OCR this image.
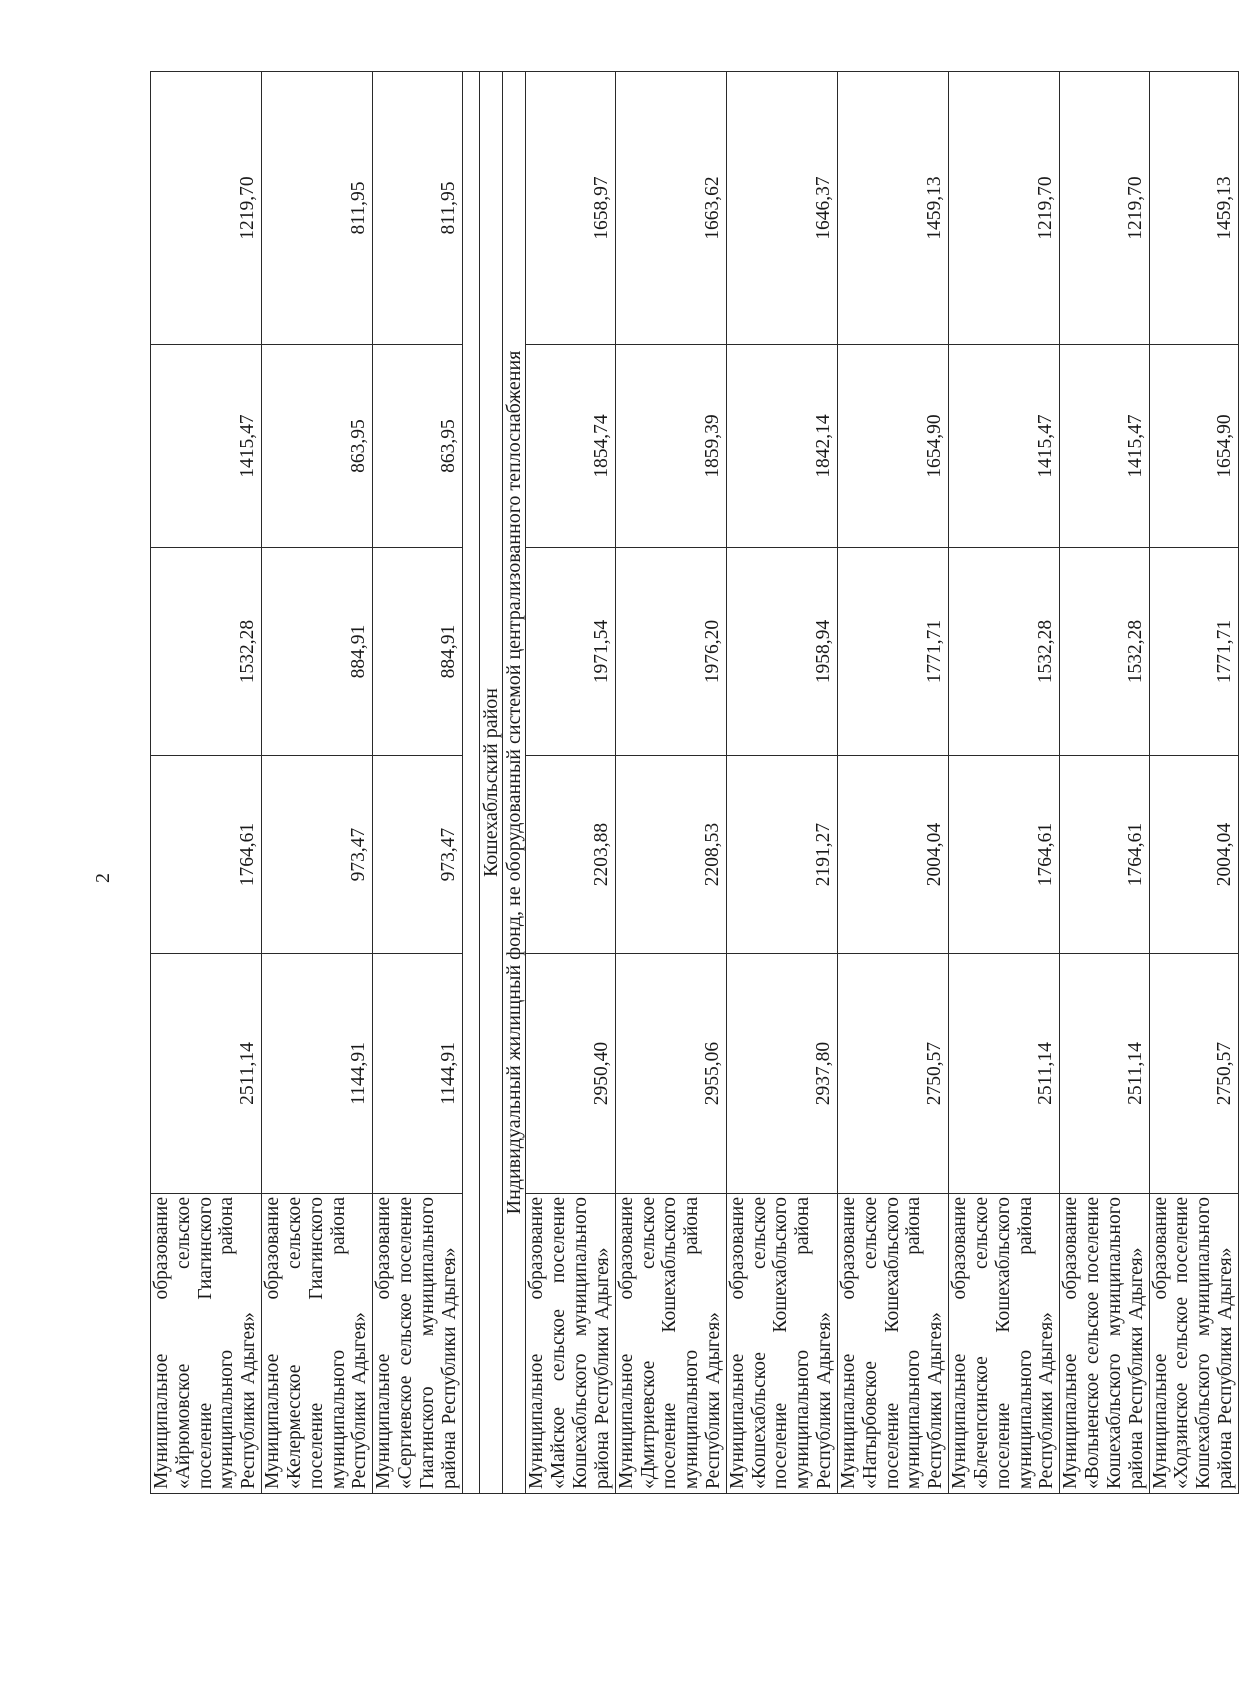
2
Муниципальное образование «Айрюмовское сельское поселение Гиагинского муниципального района Республики Адыгея»	2511,14	1764,61	1532,28	1415,47	1219,70
Муниципальное образование «Келермесское сельское поселение Гиагинского муниципального района Республики Адыгея»	1144,91	973,47	884,91	863,95	811,95
Муниципальное образование «Сергиевское сельское поселение Гиагинского муниципального района Республики Адыгея»	1144,91	973,47	884,91	863,95	811,95

Кошехабльский район					
Индивидуальный жилищный фонд, не оборудованный системой централизованного теплоснабжения					
Муниципальное образование «Майское сельское поселение Кошехабльского муниципального района Республики Адыгея»	2950,40	2203,88	1971,54	1854,74	1658,97
Муниципальное образование «Дмитриевское сельское поселение Кошехабльского муниципального района Республики Адыгея»	2955,06	2208,53	1976,20	1859,39	1663,62
Муниципальное образование «Кошехабльское сельское поселение Кошехабльского муниципального района Республики Адыгея»	2937,80	2191,27	1958,94	1842,14	1646,37
Муниципальное образование «Натырбовское сельское поселение Кошехабльского муниципального района Республики Адыгея»	2750,57	2004,04	1771,71	1654,90	1459,13
Муниципальное образование «Блечепсинское сельское поселение Кошехабльского муниципального района Республики Адыгея»	2511,14	1764,61	1532,28	1415,47	1219,70
Муниципальное образование «Вольненское сельское поселение Кошехабльского муниципального района Республики Адыгея»	2511,14	1764,61	1532,28	1415,47	1219,70
Муниципальное образование «Ходзинское сельское поселение Кошехабльского муниципального района Республики Адыгея»	2750,57	2004,04	1771,71	1654,90	1459,13
